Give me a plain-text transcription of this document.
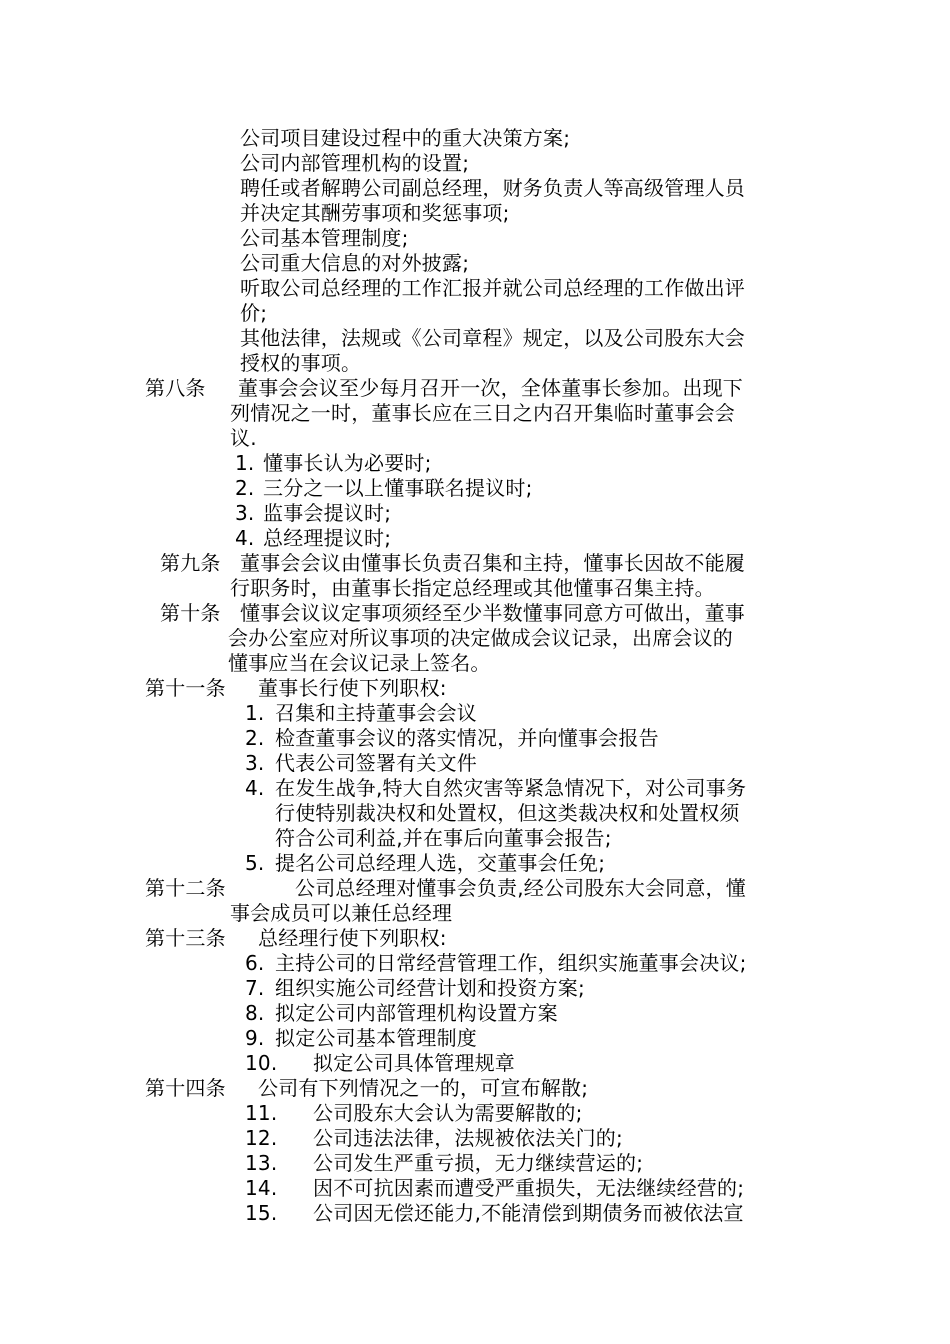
公司项目建设过程中的重大决策方案;
公司内部管理机构的设置;
聘任或者解聘公司副总经理，财务负责人等高级管理人员
并决定其酬劳事项和奖惩事项;
公司基本管理制度;
公司重大信息的对外披露;
听取公司总经理的工作汇报并就公司总经理的工作做出评
价;
其他法律，法规或《公司章程》规定，以及公司股东大会
授权的事项。
第八条 董事会会议至少每月召开一次，全体董事长参加。出现下
列情况之一时，董事长应在三日之内召开集临时董事会会
议.
1. 懂事长认为必要时;
2. 三分之一以上懂事联名提议时;
3. 监事会提议时;
4. 总经理提议时;
第九条 董事会会议由懂事长负责召集和主持，懂事长因故不能履
行职务时，由董事长指定总经理或其他懂事召集主持。
第十条 懂事会议议定事项须经至少半数懂事同意方可做出，董事
会办公室应对所议事项的决定做成会议记录，出席会议的
懂事应当在会议记录上签名。
第十一条 董事长行使下列职权:
1. 召集和主持董事会会议
2. 检查董事会议的落实情况，并向懂事会报告
3. 代表公司签署有关文件
4. 在发生战争,特大自然灾害等紧急情况下，对公司事务
行使特别裁决权和处置权，但这类裁决权和处置权须
符合公司利益,并在事后向董事会报告;
5. 提名公司总经理人选，交董事会任免;
第十二条	公司总经理对懂事会负责,经公司股东大会同意，懂
事会成员可以兼任总经理
第十三条 总经理行使下列职权:
6. 主持公司的日常经营管理工作，组织实施董事会决议;
7. 组织实施公司经营计划和投资方案;
8. 拟定公司内部管理机构设置方案
9. 拟定公司基本管理制度
10. 拟定公司具体管理规章
第十四条 公司有下列情况之一的，可宣布解散;
11. 公司股东大会认为需要解散的;
12. 公司违法法律，法规被依法关门的;
13. 公司发生严重亏损，无力继续营运的;
14. 因不可抗因素而遭受严重损失，无法继续经营的;
15. 公司因无偿还能力,不能清偿到期债务而被依法宣
